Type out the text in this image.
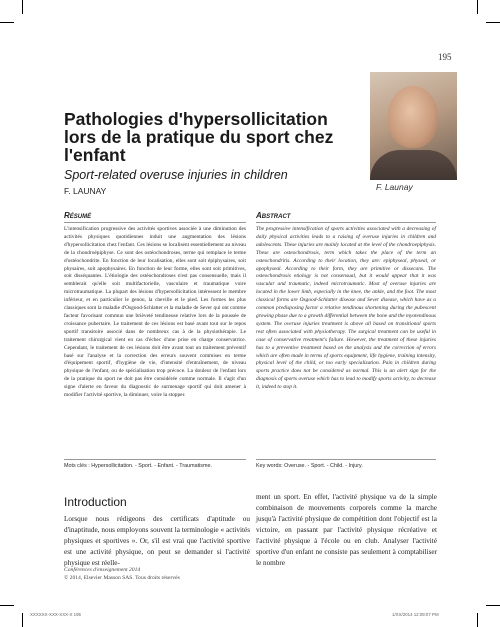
195
Pathologies d'hypersollicitation lors de la pratique du sport chez l'enfant
Sport-related overuse injuries in children
F. Launay
F. LAUNAY
Résumé
L'intensification progressive des activités sportives associée à une diminution des activités physiques quotidiennes induit une augmentation des lésions d'hypersollicitation chez l'enfant. Ces lésions se localisent essentiellement au niveau de la chondroépiphyse. Ce sont des ostéochondroses, terme qui remplace le terme d'ostéochondrite. En fonction de leur localisation, elles sont soit épiphysaires, soit physaires, soit apophysaires. En fonction de leur forme, elles sont soit primitives, soit disséquantes. L'étiologie des ostéochondroses n'est pas consensuelle, mais il semblerait qu'elle soit multifactorielle, vasculaire et traumatique voire microtraumatique. La plupart des lésions d'hypersollicitation intéressent le membre inférieur, et en particulier le genou, la cheville et le pied. Les formes les plus classiques sont la maladie d'Osgood-Schlatter et la maladie de Sever qui ont comme facteur favorisant commun une brièveté tendineuse relative lors de la poussée de croissance pubertaire. Le traitement de ces lésions est basé avant tout sur le repos sportif transitoire associé dans de nombreux cas à de la physiothérapie. Le traitement chirurgical vient en cas d'échec d'une prise en charge conservatrice. Cependant, le traitement de ces lésions doit être avant tout un traitement préventif basé sur l'analyse et la correction des erreurs souvent commises en terme d'équipement sportif, d'hygiène de vie, d'intensité d'entraînement, de niveau physique de l'enfant, ou de spécialisation trop précoce. La douleur de l'enfant lors de la pratique du sport ne doit pas être considérée comme normale. Il s'agit d'un signe d'alerte en faveur du diagnostic de surmenage sportif qui doit amener à modifier l'activité sportive, la diminuer, voire la stopper.
Mots clés : Hypersollicitation. - Sport. - Enfant. - Traumatisme.
Abstract
The progressive intensification of sports activities associated with a decreasing of daily physical activities leads to a raising of overuse injuries in children and adolescents. These injuries are mainly located at the level of the chondroepiphysis. These are osteochondrosis, term which takes the place of the term an osteochondritis. According to their location, they are: epiphyseal, physeal, or apophyseal. According to their form, they are primitive or dissecans. The osteochondrosis etiology is not consensual, but it would appear that it was vascular and traumatic, indeed microtraumatic. Most of overuse injuries are located in the lower limb, especially in the knee, the ankle, and the foot. The most classical forms are Osgood-Schlatter disease and Sever disease, which have as a common predisposing factor a relative tendinous shortening during the pubescent growing phase due to a growth differential between the bone and the myotendinous system. The overuse injuries treatment is above all based on transitional sports rest often associated with physiotherapy. The surgical treatment can be useful in case of conservative treatment's failure. However, the treatment of these injuries has to a preventive treatment based on the analysis and the correction of errors which are often made in terms of sports equipment, life hygiene, training intensity, physical level of the child, or too early specialization. Pain in children during sports practice does not be considered as normal. This is an alert sign for the diagnosis of sports overuse which has to lead to modify sports activity, to decrease it, indeed to stop it.
Key words: Overuse. - Sport. - Child. - Injury.
Introduction
Lorsque nous rédigeons des certificats d'aptitude ou d'inaptitude, nous employons souvent la terminologie « activités physiques et sportives ». Or, s'il est vrai que l'activité sportive est une activité physique, on peut se demander si l'activité physique est réelle-
ment un sport. En effet, l'activité physique va de la simple combinaison de mouvements corporels comme la marche jusqu'à l'activité physique de compétition dont l'objectif est la victoire, en passant par l'activité physique récréative et l'activité physique à l'école ou en club. Analyser l'activité sportive d'un enfant ne consiste pas seulement à comptabiliser le nombre
Conférences d'enseignement 2014
© 2014, Elsevier Masson SAS. Tous droits réservés
XXXXXX-XXX-XXX-X 195	1/XX/2014 12:09:07 PM
